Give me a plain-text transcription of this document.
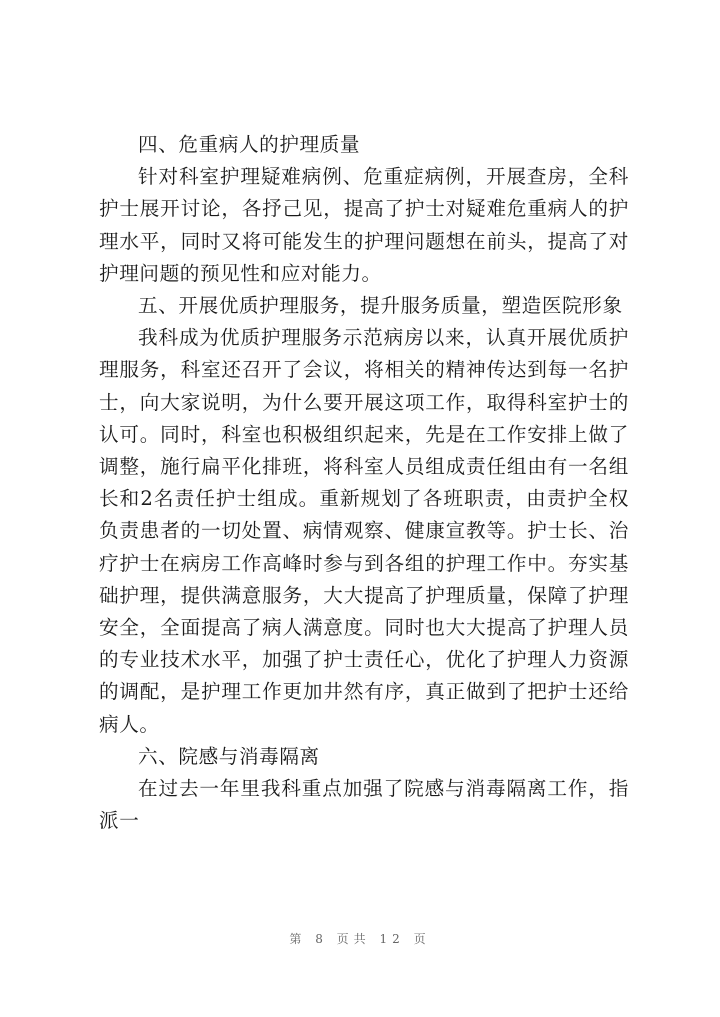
四、危重病人的护理质量

针对科室护理疑难病例、危重症病例，开展查房，全科护士展开讨论，各抒己见，提高了护士对疑难危重病人的护理水平，同时又将可能发生的护理问题想在前头，提高了对护理问题的预见性和应对能力。

五、开展优质护理服务，提升服务质量，塑造医院形象

我科成为优质护理服务示范病房以来，认真开展优质护理服务，科室还召开了会议，将相关的精神传达到每一名护士，向大家说明，为什么要开展这项工作，取得科室护士的认可。同时，科室也积极组织起来，先是在工作安排上做了调整，施行扁平化排班，将科室人员组成责任组由有一名组长和2名责任护士组成。重新规划了各班职责，由责护全权负责患者的一切处置、病情观察、健康宣教等。护士长、治疗护士在病房工作高峰时参与到各组的护理工作中。夯实基础护理，提供满意服务，大大提高了护理质量，保障了护理安全，全面提高了病人满意度。同时也大大提高了护理人员的专业技术水平，加强了护士责任心，优化了护理人力资源的调配，是护理工作更加井然有序，真正做到了把护士还给病人。

六、院感与消毒隔离

在过去一年里我科重点加强了院感与消毒隔离工作，指派一

第 8 页共 12 页
